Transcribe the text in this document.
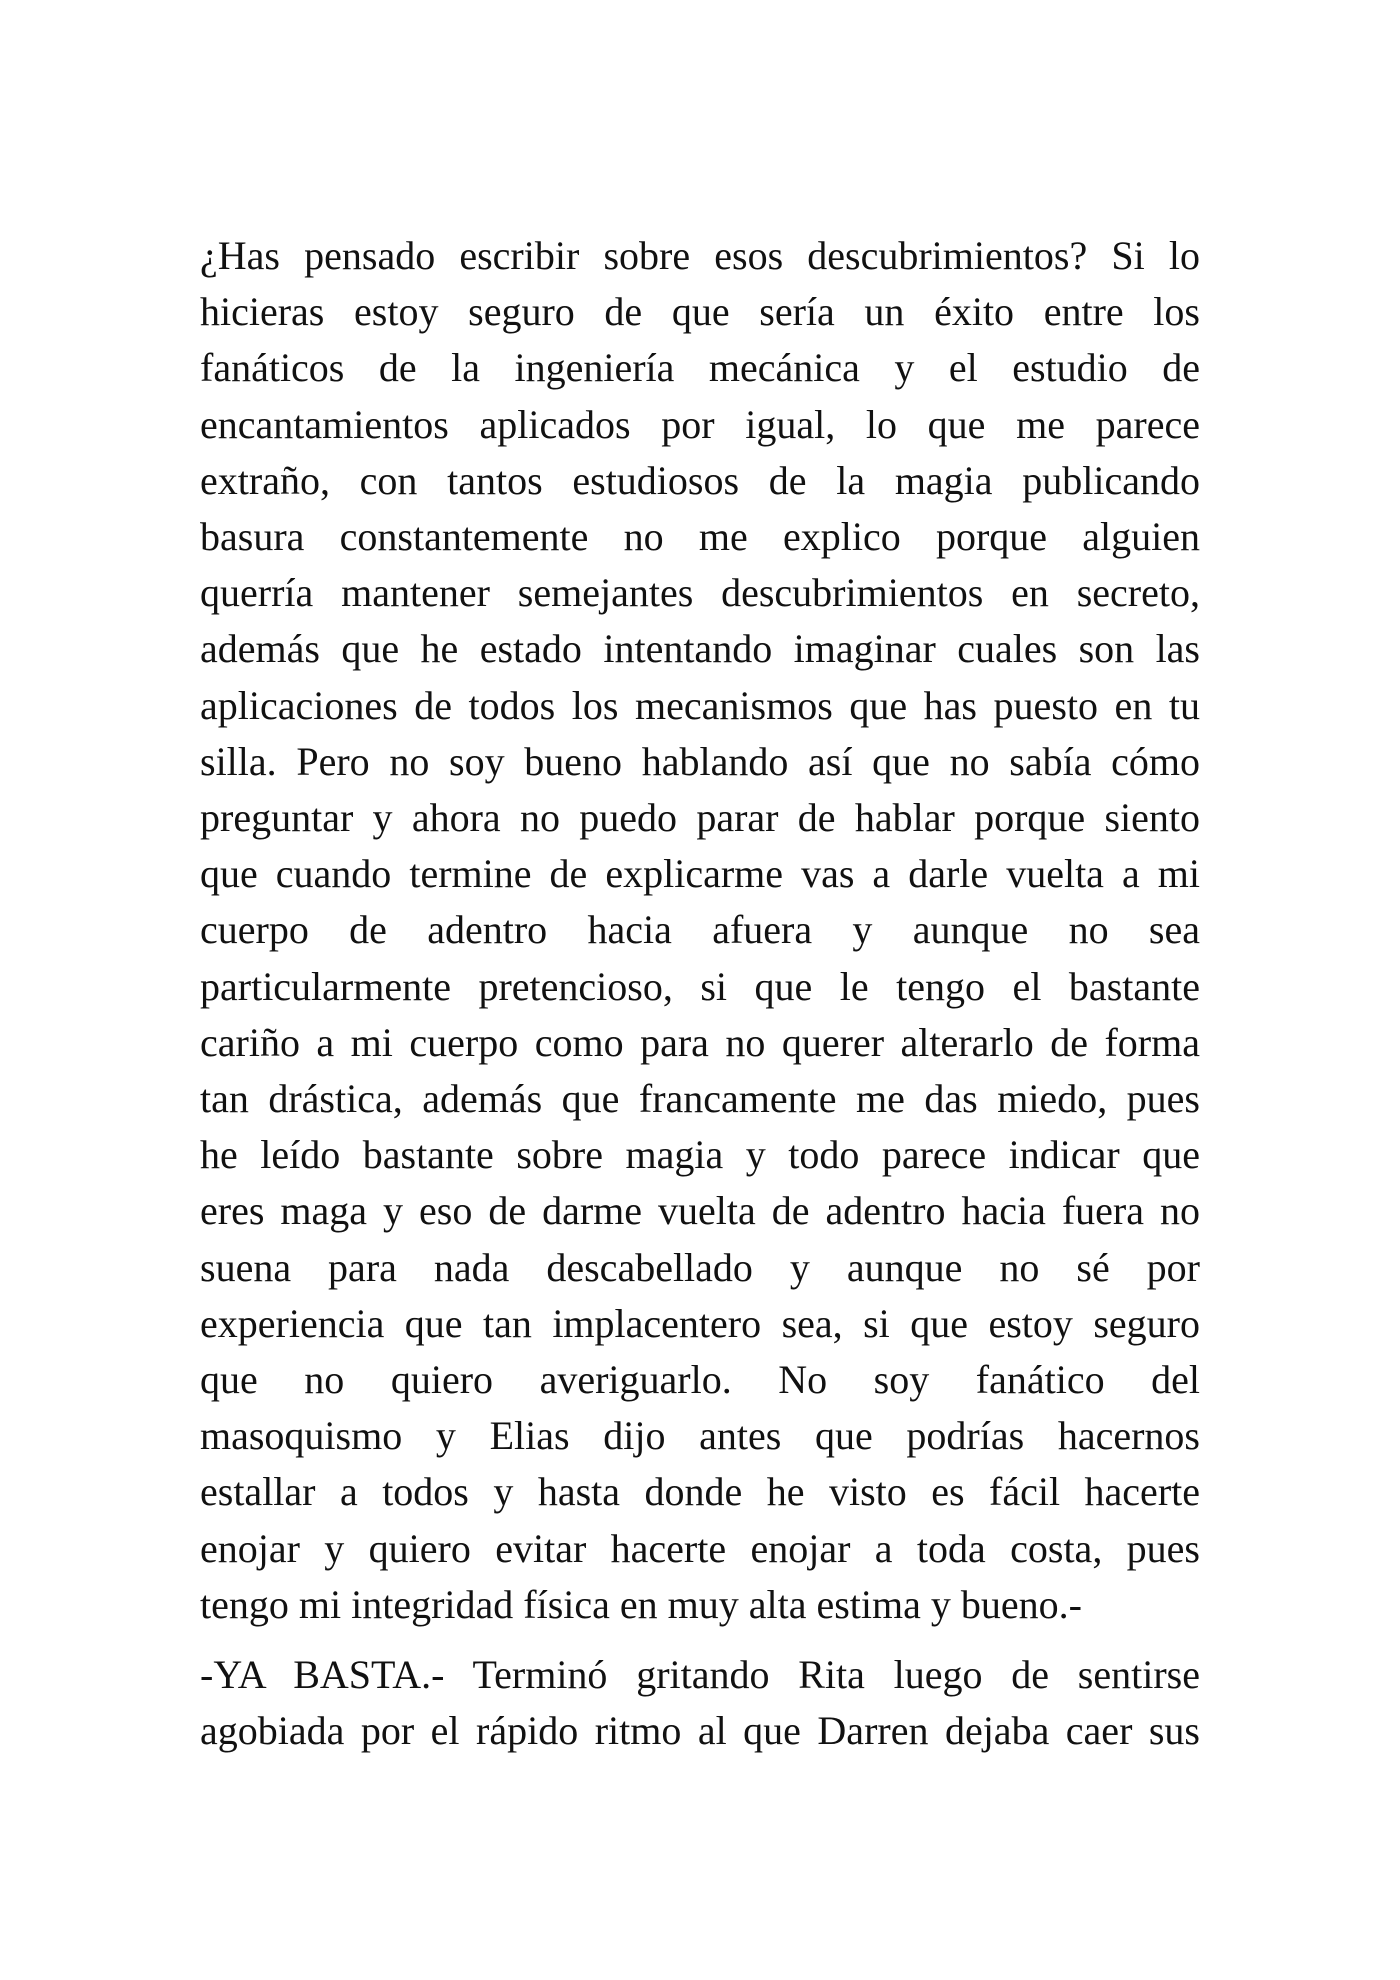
¿Has pensado escribir sobre esos descubrimientos? Si lo
hicieras estoy seguro de que sería un éxito entre los
fanáticos de la ingeniería mecánica y el estudio de
encantamientos aplicados por igual, lo que me parece
extraño, con tantos estudiosos de la magia publicando
basura constantemente no me explico porque alguien
querría mantener semejantes descubrimientos en secreto,
además que he estado intentando imaginar cuales son las
aplicaciones de todos los mecanismos que has puesto en tu
silla. Pero no soy bueno hablando así que no sabía cómo
preguntar y ahora no puedo parar de hablar porque siento
que cuando termine de explicarme vas a darle vuelta a mi
cuerpo de adentro hacia afuera y aunque no sea
particularmente pretencioso, si que le tengo el bastante
cariño a mi cuerpo como para no querer alterarlo de forma
tan drástica, además que francamente me das miedo, pues
he leído bastante sobre magia y todo parece indicar que
eres maga y eso de darme vuelta de adentro hacia fuera no
suena para nada descabellado y aunque no sé por
experiencia que tan implacentero sea, si que estoy seguro
que no quiero averiguarlo. No soy fanático del
masoquismo y Elias dijo antes que podrías hacernos
estallar a todos y hasta donde he visto es fácil hacerte
enojar y quiero evitar hacerte enojar a toda costa, pues
tengo mi integridad física en muy alta estima y bueno.-

-YA BASTA.- Terminó gritando Rita luego de sentirse
agobiada por el rápido ritmo al que Darren dejaba caer sus
